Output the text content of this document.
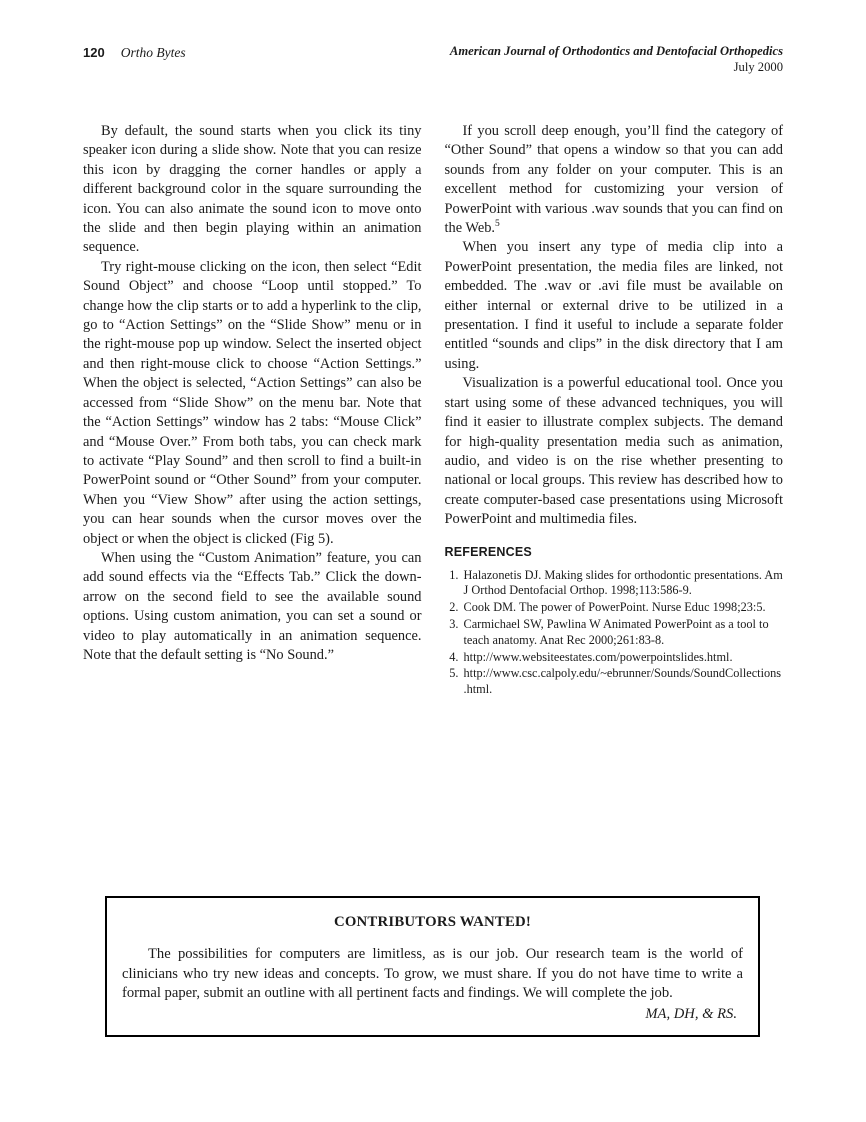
120 Ortho Bytes	American Journal of Orthodontics and Dentofacial Orthopedics
July 2000

By default, the sound starts when you click its tiny speaker icon during a slide show. Note that you can resize this icon by dragging the corner handles or apply a different background color in the square surrounding the icon. You can also animate the sound icon to move onto the slide and then begin playing within an animation sequence.

Try right-mouse clicking on the icon, then select “Edit Sound Object” and choose “Loop until stopped.” To change how the clip starts or to add a hyperlink to the clip, go to “Action Settings” on the “Slide Show” menu or in the right-mouse pop up window. Select the inserted object and then right-mouse click to choose “Action Settings.” When the object is selected, “Action Settings” can also be accessed from “Slide Show” on the menu bar. Note that the “Action Settings” window has 2 tabs: “Mouse Click” and “Mouse Over.” From both tabs, you can check mark to activate “Play Sound” and then scroll to find a built-in PowerPoint sound or “Other Sound” from your computer. When you “View Show” after using the action settings, you can hear sounds when the cursor moves over the object or when the object is clicked (Fig 5).

When using the “Custom Animation” feature, you can add sound effects via the “Effects Tab.” Click the down-arrow on the second field to see the available sound options. Using custom animation, you can set a sound or video to play automatically in an animation sequence. Note that the default setting is “No Sound.”

If you scroll deep enough, you’ll find the category of “Other Sound” that opens a window so that you can add sounds from any folder on your computer. This is an excellent method for customizing your version of PowerPoint with various .wav sounds that you can find on the Web.$^5$

When you insert any type of media clip into a PowerPoint presentation, the media files are linked, not embedded. The .wav or .avi file must be available on either internal or external drive to be utilized in a presentation. I find it useful to include a separate folder entitled “sounds and clips” in the disk directory that I am using.

Visualization is a powerful educational tool. Once you start using some of these advanced techniques, you will find it easier to illustrate complex subjects. The demand for high-quality presentation media such as animation, audio, and video is on the rise whether presenting to national or local groups. This review has described how to create computer-based case presentations using Microsoft PowerPoint and multimedia files.

REFERENCES
1. Halazonetis DJ. Making slides for orthodontic presentations. Am J Orthod Dentofacial Orthop. 1998;113:586-9.
2. Cook DM. The power of PowerPoint. Nurse Educ 1998;23:5.
3. Carmichael SW, Pawlina W Animated PowerPoint as a tool to teach anatomy. Anat Rec 2000;261:83-8.
4. http://www.websiteestates.com/powerpointslides.html.
5. http://www.csc.calpoly.edu/~ebrunner/Sounds/SoundCollections.html.
CONTRIBUTORS WANTED!

The possibilities for computers are limitless, as is our job. Our research team is the world of clinicians who try new ideas and concepts. To grow, we must share. If you do not have time to write a formal paper, submit an outline with all pertinent facts and findings. We will complete the job.

MA, DH, & RS.
